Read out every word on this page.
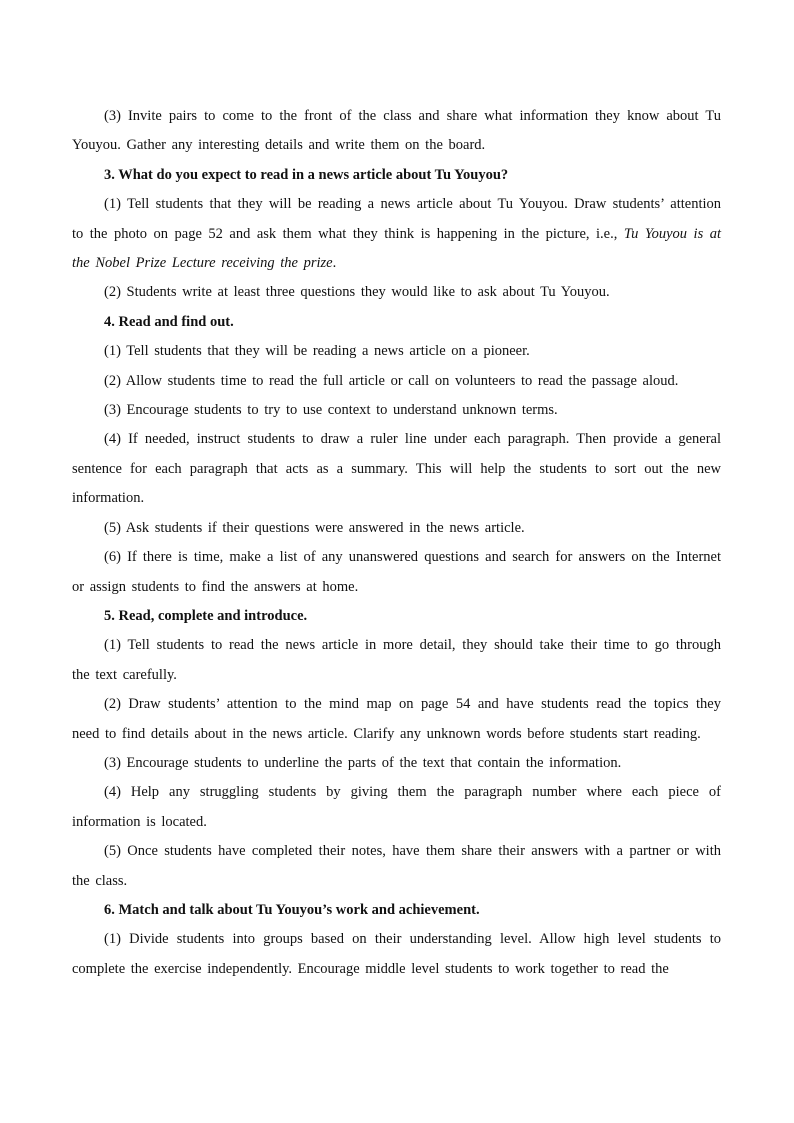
(3) Invite pairs to come to the front of the class and share what information they know about Tu Youyou. Gather any interesting details and write them on the board.

3. What do you expect to read in a news article about Tu Youyou?

(1) Tell students that they will be reading a news article about Tu Youyou. Draw students’ attention to the photo on page 52 and ask them what they think is happening in the picture, i.e., Tu Youyou is at the Nobel Prize Lecture receiving the prize.

(2) Students write at least three questions they would like to ask about Tu Youyou.

4. Read and find out.

(1) Tell students that they will be reading a news article on a pioneer.

(2) Allow students time to read the full article or call on volunteers to read the passage aloud.

(3) Encourage students to try to use context to understand unknown terms.

(4) If needed, instruct students to draw a ruler line under each paragraph. Then provide a general sentence for each paragraph that acts as a summary. This will help the students to sort out the new information.

(5) Ask students if their questions were answered in the news article.

(6) If there is time, make a list of any unanswered questions and search for answers on the Internet or assign students to find the answers at home.

5. Read, complete and introduce.

(1) Tell students to read the news article in more detail, they should take their time to go through the text carefully.

(2) Draw students’ attention to the mind map on page 54 and have students read the topics they need to find details about in the news article. Clarify any unknown words before students start reading.

(3) Encourage students to underline the parts of the text that contain the information.

(4) Help any struggling students by giving them the paragraph number where each piece of information is located.

(5) Once students have completed their notes, have them share their answers with a partner or with the class.

6. Match and talk about Tu Youyou’s work and achievement.

(1) Divide students into groups based on their understanding level. Allow high level students to complete the exercise independently. Encourage middle level students to work together to read the
